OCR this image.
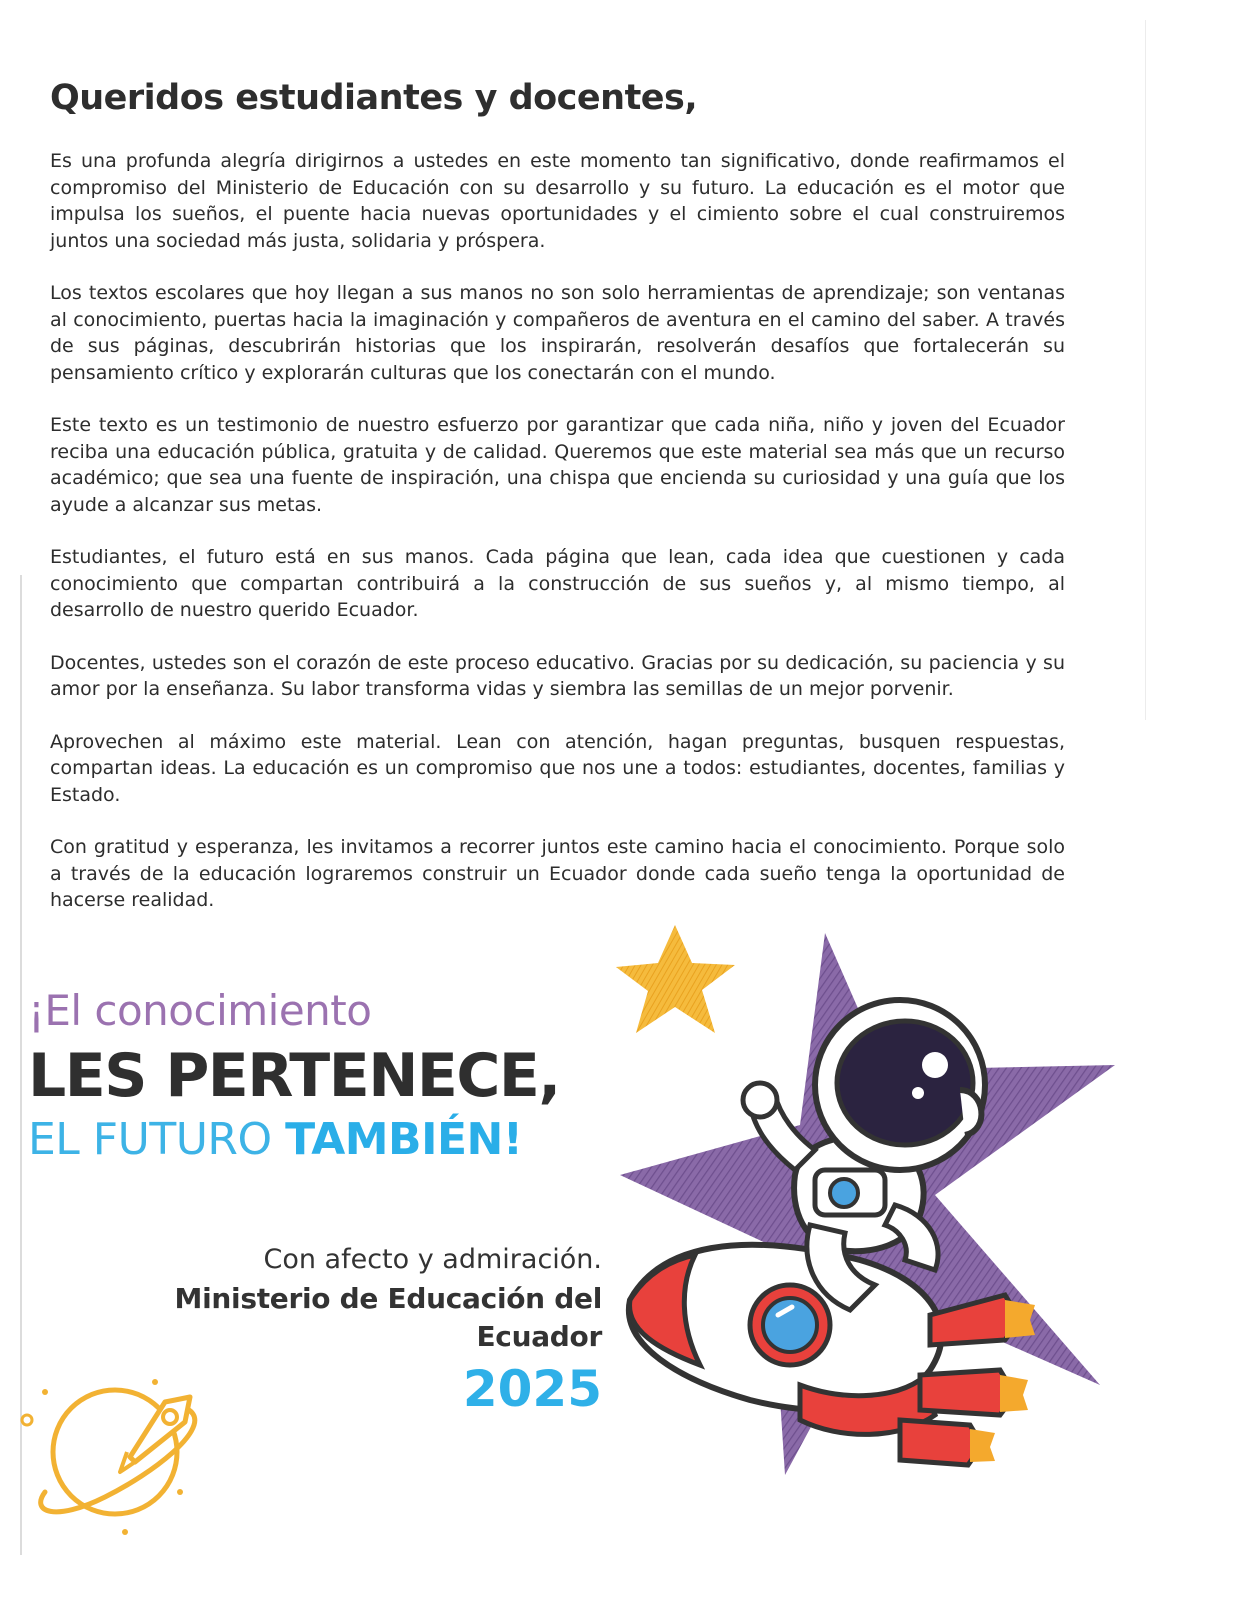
Queridos estudiantes y docentes,

Es una profunda alegría dirigirnos a ustedes en este momento tan significativo, donde reafirmamos el compromiso del Ministerio de Educación con su desarrollo y su futuro. La educación es el motor que impulsa los sueños, el puente hacia nuevas oportunidades y el cimiento sobre el cual construiremos juntos una sociedad más justa, solidaria y próspera.

Los textos escolares que hoy llegan a sus manos no son solo herramientas de aprendizaje; son ventanas al conocimiento, puertas hacia la imaginación y compañeros de aventura en el camino del saber. A través de sus páginas, descubrirán historias que los inspirarán, resolverán desafíos que fortalecerán su pensamiento crítico y explorarán culturas que los conectarán con el mundo.

Este texto es un testimonio de nuestro esfuerzo por garantizar que cada niña, niño y joven del Ecuador reciba una educación pública, gratuita y de calidad. Queremos que este material sea más que un recurso académico; que sea una fuente de inspiración, una chispa que encienda su curiosidad y una guía que los ayude a alcanzar sus metas.

Estudiantes, el futuro está en sus manos. Cada página que lean, cada idea que cuestionen y cada conocimiento que compartan contribuirá a la construcción de sus sueños y, al mismo tiempo, al desarrollo de nuestro querido Ecuador.

Docentes, ustedes son el corazón de este proceso educativo. Gracias por su dedicación, su paciencia y su amor por la enseñanza. Su labor transforma vidas y siembra las semillas de un mejor porvenir.

Aprovechen al máximo este material. Lean con atención, hagan preguntas, busquen respuestas, compartan ideas. La educación es un compromiso que nos une a todos: estudiantes, docentes, familias y Estado.

Con gratitud y esperanza, les invitamos a recorrer juntos este camino hacia el conocimiento. Porque solo a través de la educación lograremos construir un Ecuador donde cada sueño tenga la oportunidad de hacerse realidad.

¡El conocimiento
LES PERTENECE,
EL FUTURO TAMBIÉN!
Con afecto y admiración.
Ministerio de Educación del Ecuador
2025
